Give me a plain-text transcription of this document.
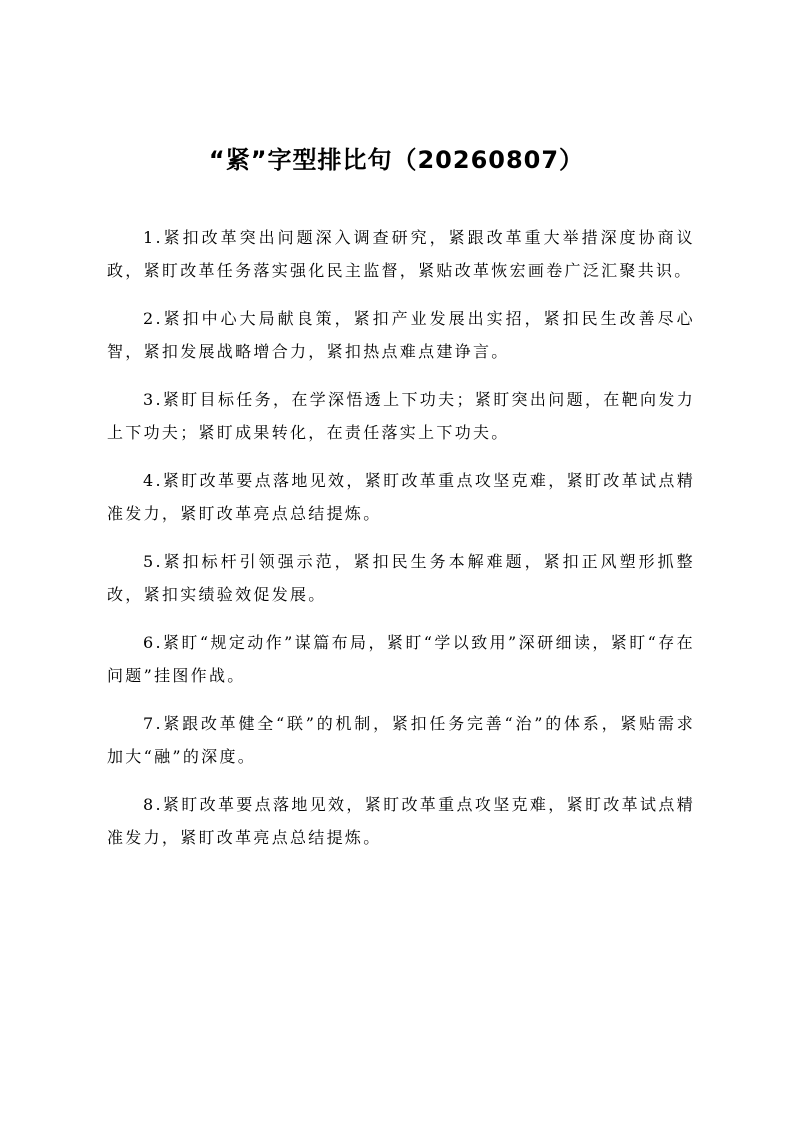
“紧”字型排比句（20260807）

1.紧扣改革突出问题深入调查研究，紧跟改革重大举措深度协商议政，紧盯改革任务落实强化民主监督，紧贴改革恢宏画卷广泛汇聚共识。

2.紧扣中心大局献良策，紧扣产业发展出实招，紧扣民生改善尽心智，紧扣发展战略增合力，紧扣热点难点建诤言。

3.紧盯目标任务，在学深悟透上下功夫；紧盯突出问题，在靶向发力上下功夫；紧盯成果转化，在责任落实上下功夫。

4.紧盯改革要点落地见效，紧盯改革重点攻坚克难，紧盯改革试点精准发力，紧盯改革亮点总结提炼。

5.紧扣标杆引领强示范，紧扣民生务本解难题，紧扣正风塑形抓整改，紧扣实绩验效促发展。

6.紧盯“规定动作”谋篇布局，紧盯“学以致用”深研细读，紧盯“存在问题”挂图作战。

7.紧跟改革健全“联”的机制，紧扣任务完善“治”的体系，紧贴需求加大“融”的深度。

8.紧盯改革要点落地见效，紧盯改革重点攻坚克难，紧盯改革试点精准发力，紧盯改革亮点总结提炼。
